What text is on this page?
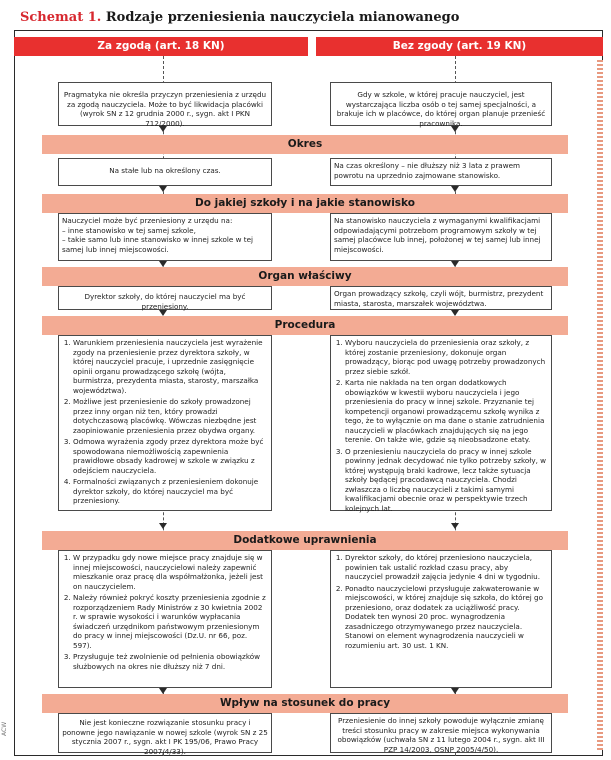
Schemat 1. Rodzaje przeniesienia nauczyciela mianowanego
Za zgodą (art. 18 KN)	Bez zgody (art. 19 KN)

Pragmatyka nie określa przyczyn przeniesienia z urzędu za zgodą nauczyciela. Może to być likwidacja placówki (wyrok SN z 12 grudnia 2000 r., sygn. akt I PKN 712/2000).

Gdy w szkole, w której pracuje nauczyciel, jest wystarczająca liczba osób o tej samej specjalności, a brakuje ich w placówce, do której organ planuje przenieść pracownika.

Okres

Na stałe lub na określony czas.

Na czas określony – nie dłuższy niż 3 lata z prawem powrotu na uprzednio zajmowane stanowisko.

Do jakiej szkoły i na jakie stanowisko

Nauczyciel może być przeniesiony z urzędu na:

– inne stanowisko w tej samej szkole,
– takie samo lub inne stanowisko w innej szkole w tej samej lub innej miejscowości.

Na stanowisko nauczyciela z wymaganymi kwalifikacjami odpowiadającymi potrzebom programowym szkoły w tej samej placówce lub innej, położonej w tej samej lub innej miejscowości.

Organ właściwy

Dyrektor szkoły, do której nauczyciel ma być przeniesiony.

Organ prowadzący szkołę, czyli wójt, burmistrz, prezydent miasta, starosta, marszałek województwa.

Procedura
1. Warunkiem przeniesienia nauczyciela jest wyrażenie zgody na przeniesienie przez dyrektora szkoły, w której nauczyciel pracuje, i uprzednie zasięgnięcie opinii organu prowadzącego szkołę (wójta, burmistrza, prezydenta miasta, starosty, marszałka województwa).
2. Możliwe jest przeniesienie do szkoły prowadzonej przez inny organ niż ten, który prowadzi dotychczasową placówkę. Wówczas niezbędne jest zaopiniowanie przeniesienia przez obydwa organy.
3. Odmowa wyrażenia zgody przez dyrektora może być spowodowana niemożliwością zapewnienia prawidłowe obsady kadrowej w szkole w związku z odejściem nauczyciela.
4. Formalności związanych z przeniesieniem dokonuje dyrektor szkoły, do której nauczyciel ma być przeniesiony.
1. Wyboru nauczyciela do przeniesienia oraz szkoły, z której zostanie przeniesiony, dokonuje organ prowadzący, biorąc pod uwagę potrzeby prowadzonych przez siebie szkół.
2. Karta nie nakłada na ten organ dodatkowych obowiązków w kwestii wyboru nauczyciela i jego przeniesienia do pracy w innej szkole. Przyznanie tej kompetencji organowi prowadzącemu szkołę wynika z tego, że to wyłącznie on ma dane o stanie zatrudnienia nauczycieli w placówkach znajdujących się na jego terenie. On także wie, gdzie są nieobsadzone etaty.
3. O przeniesieniu nauczyciela do pracy w innej szkole powinny jednak decydować nie tylko potrzeby szkoły, w której występują braki kadrowe, lecz także sytuacja szkoły będącej pracodawcą nauczyciela. Chodzi zwłaszcza o liczbę nauczycieli z takimi samymi kwalifikacjami obecnie oraz w perspektywie trzech kolejnych lat.
Dodatkowe uprawnienia
1. W przypadku gdy nowe miejsce pracy znajduje się w innej miejscowości, nauczycielowi należy zapewnić mieszkanie oraz pracę dla współmałżonka, jeżeli jest on nauczycielem.
2. Należy również pokryć koszty przeniesienia zgodnie z rozporządzeniem Rady Ministrów z 30 kwietnia 2002 r. w sprawie wysokości i warunków wypłacania świadczeń urzędnikom państwowym przeniesionym do pracy w innej miejscowości (Dz.U. nr 66, poz. 597).
3. Przysługuje też zwolnienie od pełnienia obowiązków służbowych na okres nie dłuższy niż 7 dni.
1. Dyrektor szkoły, do której przeniesiono nauczyciela, powinien tak ustalić rozkład czasu pracy, aby nauczyciel prowadził zajęcia jedynie 4 dni w tygodniu.
2. Ponadto nauczycielowi przysługuje zakwaterowanie w miejscowości, w której znajduje się szkoła, do której go przeniesiono, oraz dodatek za uciążliwość pracy. Dodatek ten wynosi 20 proc. wynagrodzenia zasadniczego otrzymywanego przez nauczyciela. Stanowi on element wynagrodzenia nauczycieli w rozumieniu art. 30 ust. 1 KN.
Wpływ na stosunek do pracy

Nie jest konieczne rozwiązanie stosunku pracy i ponowne jego nawiązanie w nowej szkole (wyrok SN z 25 stycznia 2007 r., sygn. akt I PK 195/06, Prawo Pracy 2007/4/33).

Przeniesienie do innej szkoły powoduje wyłącznie zmianę treści stosunku pracy w zakresie miejsca wykonywania obowiązków (uchwała SN z 11 lutego 2004 r., sygn. akt III PZP 14/2003, OSNP 2005/4/50).

ACW
